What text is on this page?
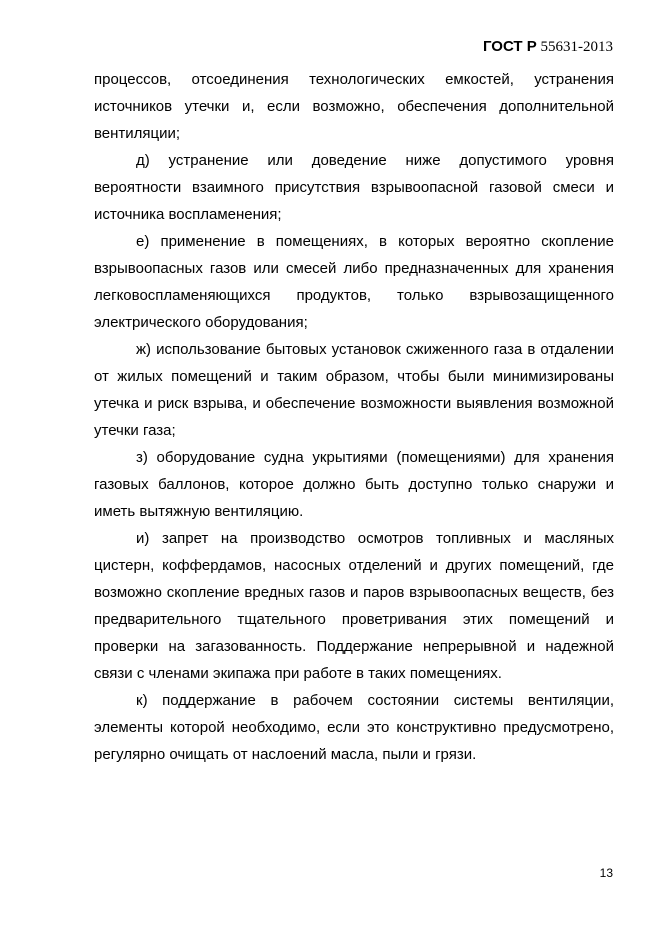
ГОСТ Р 55631-2013

процессов, отсоединения технологических емкостей, устранения источников утечки и, если возможно, обеспечения дополнительной вентиляции;

д) устранение или доведение ниже допустимого уровня вероятности взаимного присутствия взрывоопасной газовой смеси и источника воспламенения;

е) применение в помещениях, в которых вероятно скопление взрывоопасных газов или смесей либо предназначенных для хранения легковоспламеняющихся продуктов, только взрывозащищенного электрического оборудования;

ж) использование бытовых установок сжиженного газа в отдалении от жилых помещений и таким образом, чтобы были минимизированы утечка и риск взрыва, и обеспечение возможности выявления возможной утечки газа;

з) оборудование судна укрытиями (помещениями) для хранения газовых баллонов, которое должно быть доступно только снаружи и иметь вытяжную вентиляцию.

и) запрет на производство осмотров топливных и масляных цистерн, коффердамов, насосных отделений и других помещений, где возможно скопление вредных газов и паров взрывоопасных веществ, без предварительного тщательного проветривания этих помещений и проверки на загазованность. Поддержание непрерывной и надежной связи с членами экипажа при работе в таких помещениях.

к) поддержание в рабочем состоянии системы вентиляции, элементы которой необходимо, если это конструктивно предусмотрено, регулярно очищать от наслоений масла, пыли и грязи.

13
